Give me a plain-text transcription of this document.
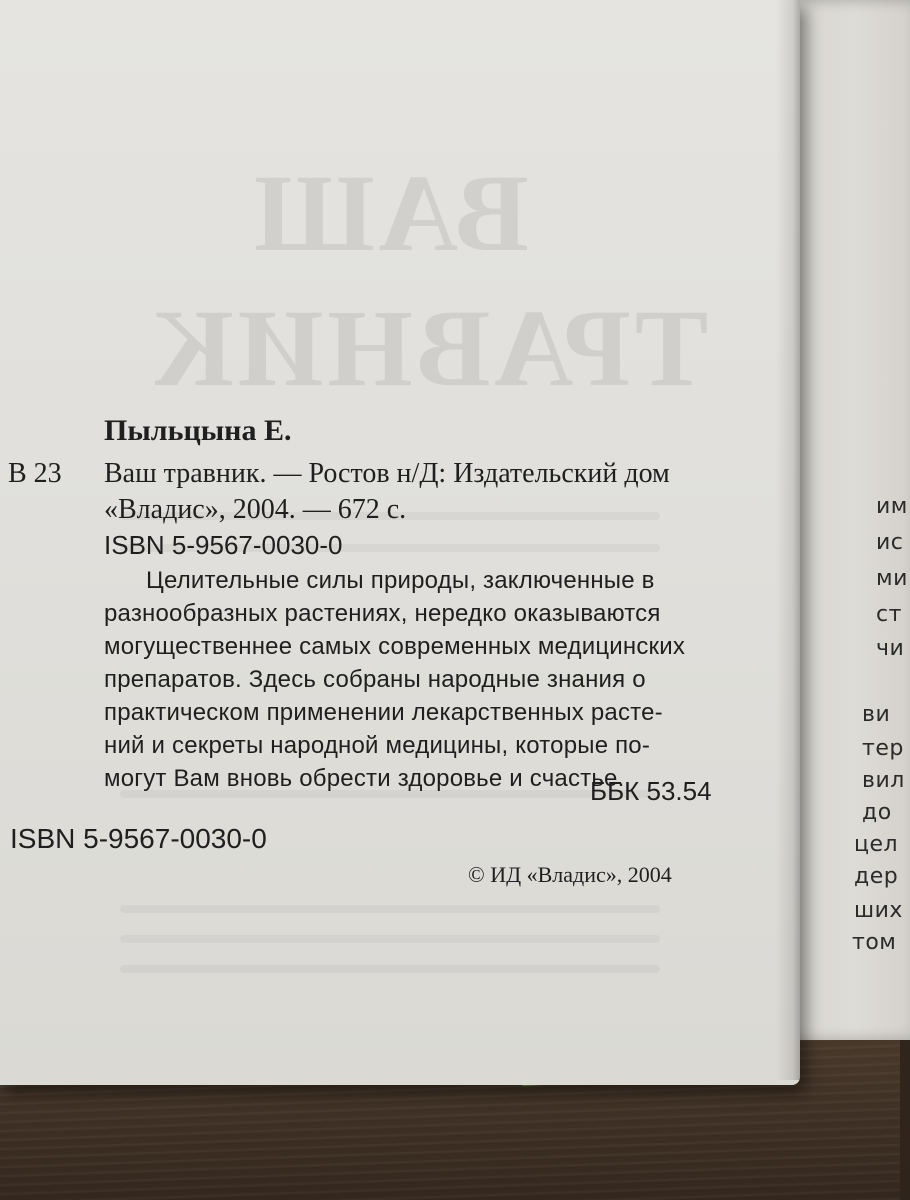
им
ис
ми
ст
чи
ви
тер
вил
до
цел
дер
ших
том
ВАШ
ТРАВНИК
Пыльцына Е.
В 23 Ваш травник. — Ростов н/Д: Издательский дом
«Владис», 2004. — 672 с.
ISBN 5-9567-0030-0
Целительные силы природы, заключенные в
разнообразных растениях, нередко оказываются
могущественнее самых современных медицинских
препаратов. Здесь собраны народные знания о
практическом применении лекарственных расте-
ний и секреты народной медицины, которые по-
могут Вам вновь обрести здоровье и счастье.
ББК 53.54
ISBN 5-9567-0030-0
© ИД «Владис», 2004
